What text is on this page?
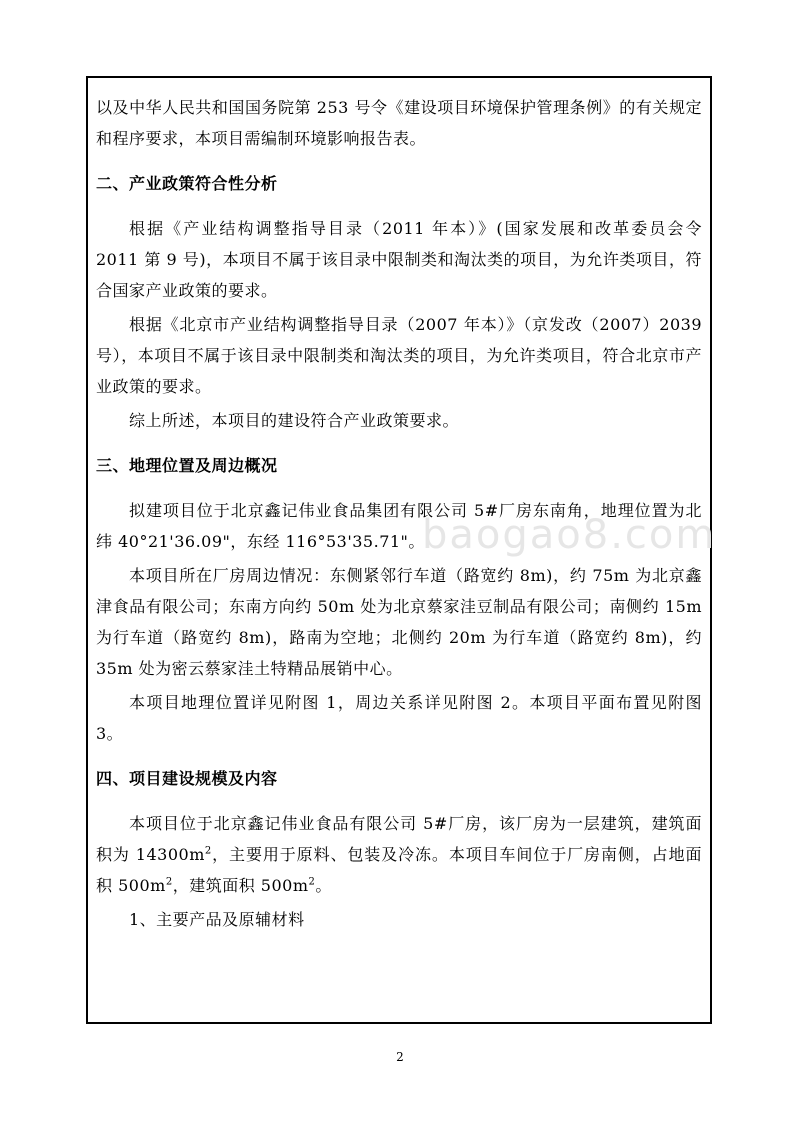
以及中华人民共和国国务院第 253 号令《建设项目环境保护管理条例》的有关规定和程序要求，本项目需编制环境影响报告表。

二、产业政策符合性分析

根据《产业结构调整指导目录（2011 年本）》(国家发展和改革委员会令 2011 第 9 号)，本项目不属于该目录中限制类和淘汰类的项目，为允许类项目，符合国家产业政策的要求。

根据《北京市产业结构调整指导目录（2007 年本）》（京发改（2007）2039 号），本项目不属于该目录中限制类和淘汰类的项目，为允许类项目，符合北京市产业政策的要求。

综上所述，本项目的建设符合产业政策要求。

三、地理位置及周边概况

拟建项目位于北京鑫记伟业食品集团有限公司 5#厂房东南角，地理位置为北纬 40°21'36.09"，东经 116°53'35.71"。

本项目所在厂房周边情况：东侧紧邻行车道（路宽约 8m)，约 75m 为北京鑫津食品有限公司；东南方向约 50m 处为北京蔡家洼豆制品有限公司；南侧约 15m 为行车道（路宽约 8m)，路南为空地；北侧约 20m 为行车道（路宽约 8m)，约 35m 处为密云蔡家洼土特精品展销中心。

本项目地理位置详见附图 1，周边关系详见附图 2。本项目平面布置见附图 3。

四、项目建设规模及内容

本项目位于北京鑫记伟业食品有限公司 5#厂房，该厂房为一层建筑，建筑面积为 $14300m^2$，主要用于原料、包装及冷冻。本项目车间位于厂房南侧，占地面积 $500m^2$，建筑面积 $500m^2$。

1、主要产品及原辅材料

baogao8.com
2
